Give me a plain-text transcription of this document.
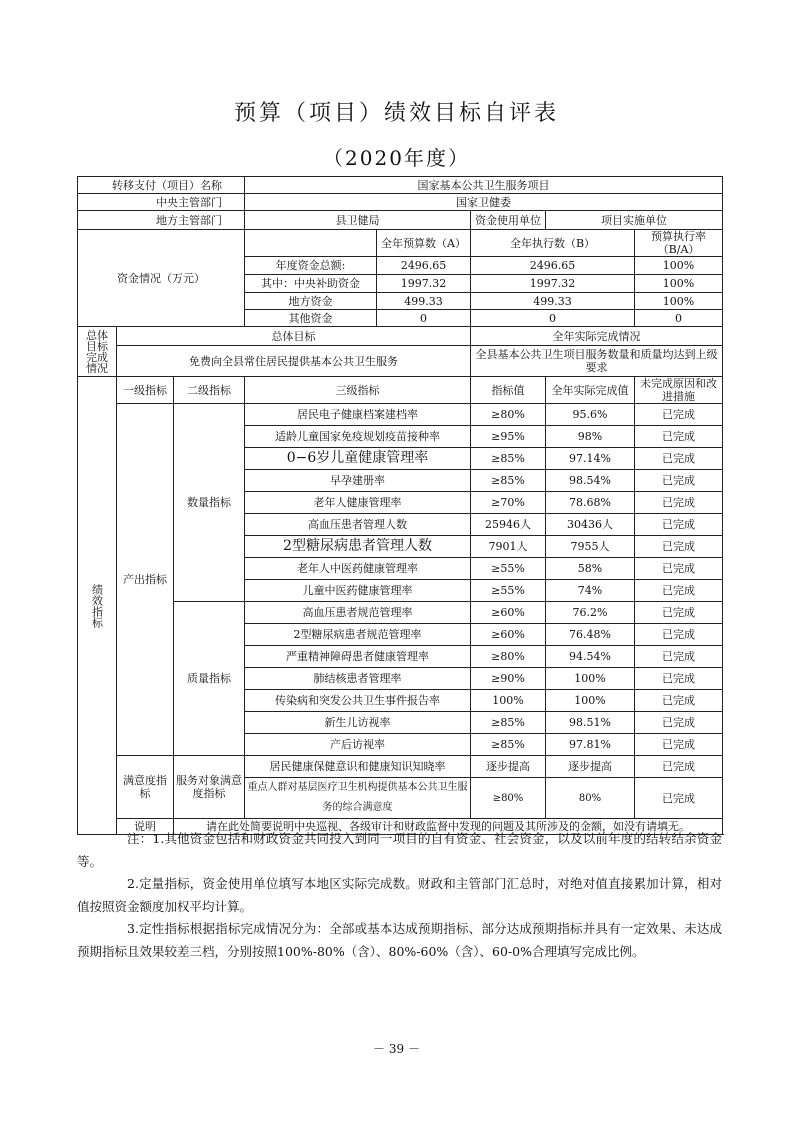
预算（项目）绩效目标自评表
（2020年度）
转移支付（项目）名称			国家基本公共卫生服务项目				
中央主管部门			国家卫健委				
地方主管部门			县卫健局		资金使用单位	项目实施单位	
资金情况（万元）				全年预算数（A）	全年执行数（B）		预算执行率（B/A）
			年度资金总额:	2496.65	2496.65		100%
			其中：中央补助资金	1997.32	1997.32		100%
			地方资金	499.33	499.33		100%
			其他资金	0	0		0

总体目标完成情况	总体目标				全年实际完成情况		
	免费向全县常住居民提供基本公共卫生服务				全县基本公共卫生项目服务数量和质量均达到上级要求		

绩效指标	一级指标	二级指标	三级指标		指标值	全年实际完成值	未完成原因和改进措施
	产出指标	数量指标	居民电子健康档案建档率		≥80%	95.6%	已完成
			适龄儿童国家免疫规划疫苗接种率		≥95%	98%	已完成
			0−6岁儿童健康管理率		≥85%	97.14%	已完成
			早孕建册率		≥85%	98.54%	已完成
			老年人健康管理率		≥70%	78.68%	已完成
			高血压患者管理人数		25946人	30436人	已完成
			2型糖尿病患者管理人数		7901人	7955人	已完成
			老年人中医药健康管理率		≥55%	58%	已完成
			儿童中医药健康管理率		≥55%	74%	已完成
		质量指标	高血压患者规范管理率		≥60%	76.2%	已完成
			2型糖尿病患者规范管理率		≥60%	76.48%	已完成
			严重精神障碍患者健康管理率		≥80%	94.54%	已完成
			肺结核患者管理率		≥90%	100%	已完成
			传染病和突发公共卫生事件报告率		100%	100%	已完成
			新生儿访视率		≥85%	98.51%	已完成
			产后访视率		≥85%	97.81%	已完成
	满意度指标	服务对象满意度指标	居民健康保健意识和健康知识知晓率		逐步提高	逐步提高	已完成
			重点人群对基层医疗卫生机构提供基本公共卫生服务的综合满意度		≥80%	80%	已完成
	说明	请在此处简要说明中央巡视、各级审计和财政监督中发现的问题及其所涉及的金额，如没有请填无。					

注：1.其他资金包括和财政资金共同投入到同一项目的自有资金、社会资金，以及以前年度的结转结余资金等。

2.定量指标，资金使用单位填写本地区实际完成数。财政和主管部门汇总时，对绝对值直接累加计算，相对值按照资金额度加权平均计算。

3.定性指标根据指标完成情况分为：全部或基本达成预期指标、部分达成预期指标并具有一定效果、未达成预期指标且效果较差三档，分别按照100%-80%（含）、80%-60%（含）、60-0%合理填写完成比例。

－ 39 －
